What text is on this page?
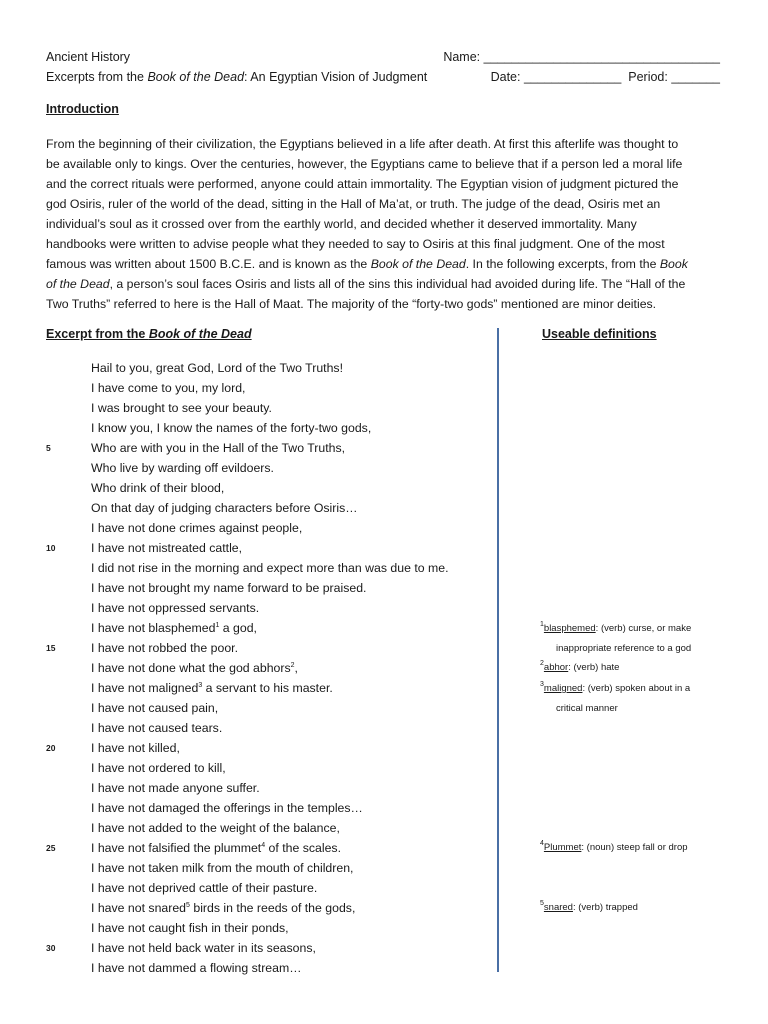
Ancient History
Excerpts from the Book of the Dead: An Egyptian Vision of Judgment
Name: __________________________________
Date: ______________ Period: _______
Introduction
From the beginning of their civilization, the Egyptians believed in a life after death. At first this afterlife was thought to
be available only to kings. Over the centuries, however, the Egyptians came to believe that if a person led a moral life
and the correct rituals were performed, anyone could attain immortality. The Egyptian vision of judgment pictured the
god Osiris, ruler of the world of the dead, sitting in the Hall of Ma’at, or truth. The judge of the dead, Osiris met an
individual’s soul as it crossed over from the earthly world, and decided whether it deserved immortality. Many
handbooks were written to advise people what they needed to say to Osiris at this final judgment. One of the most
famous was written about 1500 B.C.E. and is known as the Book of the Dead. In the following excerpts, from the Book
of the Dead, a person’s soul faces Osiris and lists all of the sins this individual had avoided during life. The “Hall of the
Two Truths” referred to here is the Hall of Maat. The majority of the “forty-two gods” mentioned are minor deities.
Excerpt from the Book of the Dead	Useable definitions
Hail to you, great God, Lord of the Two Truths!
I have come to you, my lord,
I was brought to see your beauty.
I know you, I know the names of the forty-two gods,
5	Who are with you in the Hall of the Two Truths,
Who live by warding off evildoers.
Who drink of their blood,
On that day of judging characters before Osiris…
I have not done crimes against people,
10	I have not mistreated cattle,
I did not rise in the morning and expect more than was due to me.
I have not brought my name forward to be praised.
I have not oppressed servants.
I have not blasphemed$^1$ a god,
15	I have not robbed the poor.
I have not done what the god abhors$^2$,
I have not maligned$^3$ a servant to his master.
I have not caused pain,
I have not caused tears.
20	I have not killed,
I have not ordered to kill,
I have not made anyone suffer.
I have not damaged the offerings in the temples…
I have not added to the weight of the balance,
25	I have not falsified the plummet$^4$ of the scales.
I have not taken milk from the mouth of children,
I have not deprived cattle of their pasture.
I have not snared$^5$ birds in the reeds of the gods,
I have not caught fish in their ponds,
30	I have not held back water in its seasons,
I have not dammed a flowing stream…
$^1$blasphemed: (verb) curse, or make
inappropriate reference to a god
$^2$abhor: (verb) hate
$^3$maligned: (verb) spoken about in a
critical manner
$^4$Plummet: (noun) steep fall or drop
$^5$snared: (verb) trapped
